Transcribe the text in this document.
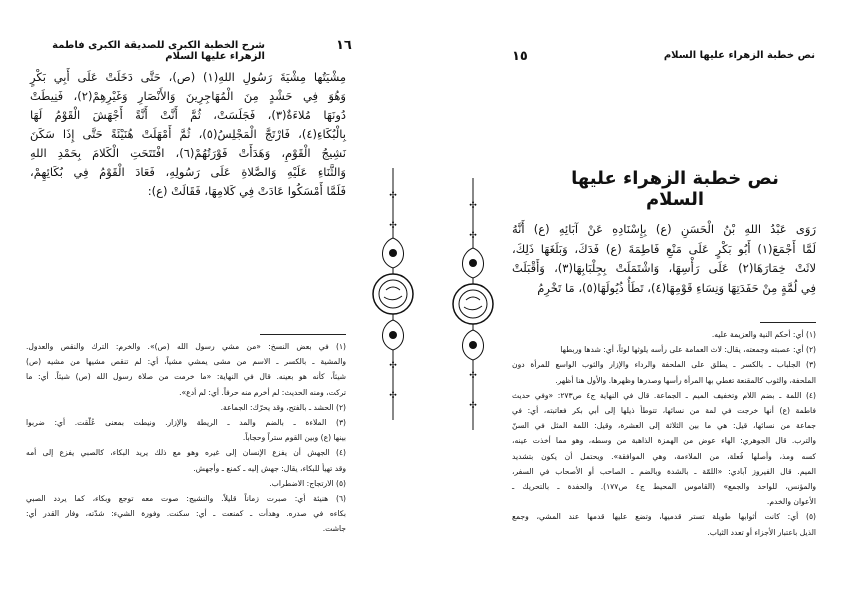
١٦
شرح الخطبة الكبرى للصديقة الكبرى فاطمة الزهراء عليها السلام
مِشْيَتُها مِشْيَةَ رَسُولِ اللهِ(١) (ص)، حَتَّى دَخَلَتْ عَلَى أَبِي بَكْرٍ
وَهُوَ فِي حَشْدٍ مِنَ الْمُهَاجِرِينَ وَالأَنْصَارِ وَغَيْرِهِمْ(٢)، فَنِيطَتْ
دُونَهَا مُلاءَةٌ(٣)، فَجَلَسَتْ، ثُمَّ أَنَّتْ أَنَّةً أَجْهَشَ الْقَوْمُ لَهَا
بِالْبُكَاءِ(٤)، فَارْتَجَّ الْمَجْلِسُ(٥)، ثُمَّ أَمْهَلَتْ هُنَيْئَةً حَتَّى إِذَا سَكَنَ
نَشِيجُ الْقَوْمِ، وَهَدَأَتْ فَوْرَتُهُمْ(٦)، افْتَتَحَتِ الْكَلامَ بِحَمْدِ اللهِ
وَالثَّنَاءِ عَلَيْهِ وَالصَّلاةِ عَلَى رَسُولِهِ، فَعَادَ الْقَوْمُ فِي بُكَائِهِمْ،
فَلَمَّا أَمْسَكُوا عَادَتْ فِي كَلامِهَا، فَقَالَتْ (ع):
(١) في بعض النسخ: «من مشي رسول الله (ص)». والخرم: الترك والنقص والعدول.
والمشية ـ بالكسر ـ الاسم من مشى يمشي مشياً، أي: لم تنقص مشيها من مشيه (ص)
شيئاً، كأنه هو بعينه. قال في النهاية: «ما خرمت من صلاة رسول الله (ص) شيئاً. أي: ما
تركت، ومنه الحديث: لم أخرم منه حرفاً. أي: لم أدع».
(٢) الحشد ـ بالفتح، وقد يحرّك: الجماعة.
(٣) الملاءة ـ بالضم والمد ـ الريطة والإزار. ونيطت بمعنى عُلّقت. أي: ضربوا
بينها (ع) وبين القوم ستراً وحجاباً.
(٤) الجهش أن يفزع الإنسان إلى غيره وهو مع ذلك يريد البكاء، كالصبي يفزع إلى أمه
وقد تهيأ للبكاء، يقال: جهش إليه ـ كمنع ـ وأجهش.
(٥) الارتجاج: الاضطراب.
(٦) هنيئة أي: صبرت زماناً قليلاً. والنشيج: صوت معه توجع وبكاء، كما يردد الصبي
بكاءه في صدره. وهدأت ـ كمنعت ـ أي: سكنت. وفورة الشيء: شدّته، وفار القدر أي:
جاشت.
✣
✣
✣
✣
✣
✣
✣
✣
١٥	نص خطبة الزهراء عليها السلام
نص خطبة الزهراء عليها السلام
رَوَى عَبْدُ اللهِ بْنُ الْحَسَنِ (ع) بِإِسْنَادِهِ عَنْ آبَائِهِ (ع) أَنَّهُ
لَمَّا أَجْمَعَ(١) أَبُو بَكْرٍ عَلَى مَنْعِ فَاطِمَةَ (ع) فَدَكَ، وَبَلَغَهَا ذَلِكَ،
لاثَتْ خِمَارَهَا(٢) عَلَى رَأْسِهَا، وَاشْتَمَلَتْ بِجِلْبَابِهَا(٣)، وَأَقْبَلَتْ
فِي لُمَّةٍ مِنْ حَفَدَتِهَا وَنِسَاءِ قَوْمِهَا(٤)، تَطَأُ ذُيُولَهَا(٥)، مَا تَخْرِمُ
(١) أي: أحكم النية والعزيمة عليه.
(٢) أي: عصبته وجمعته، يقال: لاث العمامة على رأسه يلوثها لوثاً، أي: شدها وربطها
(٣) الجلباب ـ بالكسر ـ يطلق على الملحفة والرداء والإزار والثوب الواسع للمرأة دون
الملحفة، والثوب كالمقنعة تغطي بها المرأة رأسها وصدرها وظهرها. والأول هنا أظهر.
(٤) اللمة ـ بضم اللام وتخفيف الميم ـ الجماعة. قال في النهاية ج٤ ص٢٧٣: «وفي حديث
فاطمة (ع) أنها خرجت في لمة من نسائها، تتوطأ ذيلها إلى أبي بكر فعاتبته، أي: في
جماعة من نسائها، قيل: هي ما بين الثلاثة إلى العشرة، وقيل: اللمة المثل في السنّ
والترب. قال الجوهري: الهاء عوض من الهمزة الذاهبة من وسطه، وهو مما أخذت عينه،
كسه ومذ، وأصلها فُعلة، من الملاءمة، وهي الموافقة». ويحتمل أن يكون بتشديد
الميم. قال الفيروز آبادي: «اللمّة ـ بالشدة وبالضم ـ الصاحب أو الأصحاب في السفر،
والمؤنس، للواحد والجمع» (القاموس المحيط ج٤ ص١٧٧). والحفدة ـ بالتحريك ـ
الأعوان والخدم.
(٥) أي: كانت أثوابها طويلة تستر قدميها، وتضع عليها قدمها عند المشي، وجمع
الذيل باعتبار الأجزاء أو تعدد الثياب.
